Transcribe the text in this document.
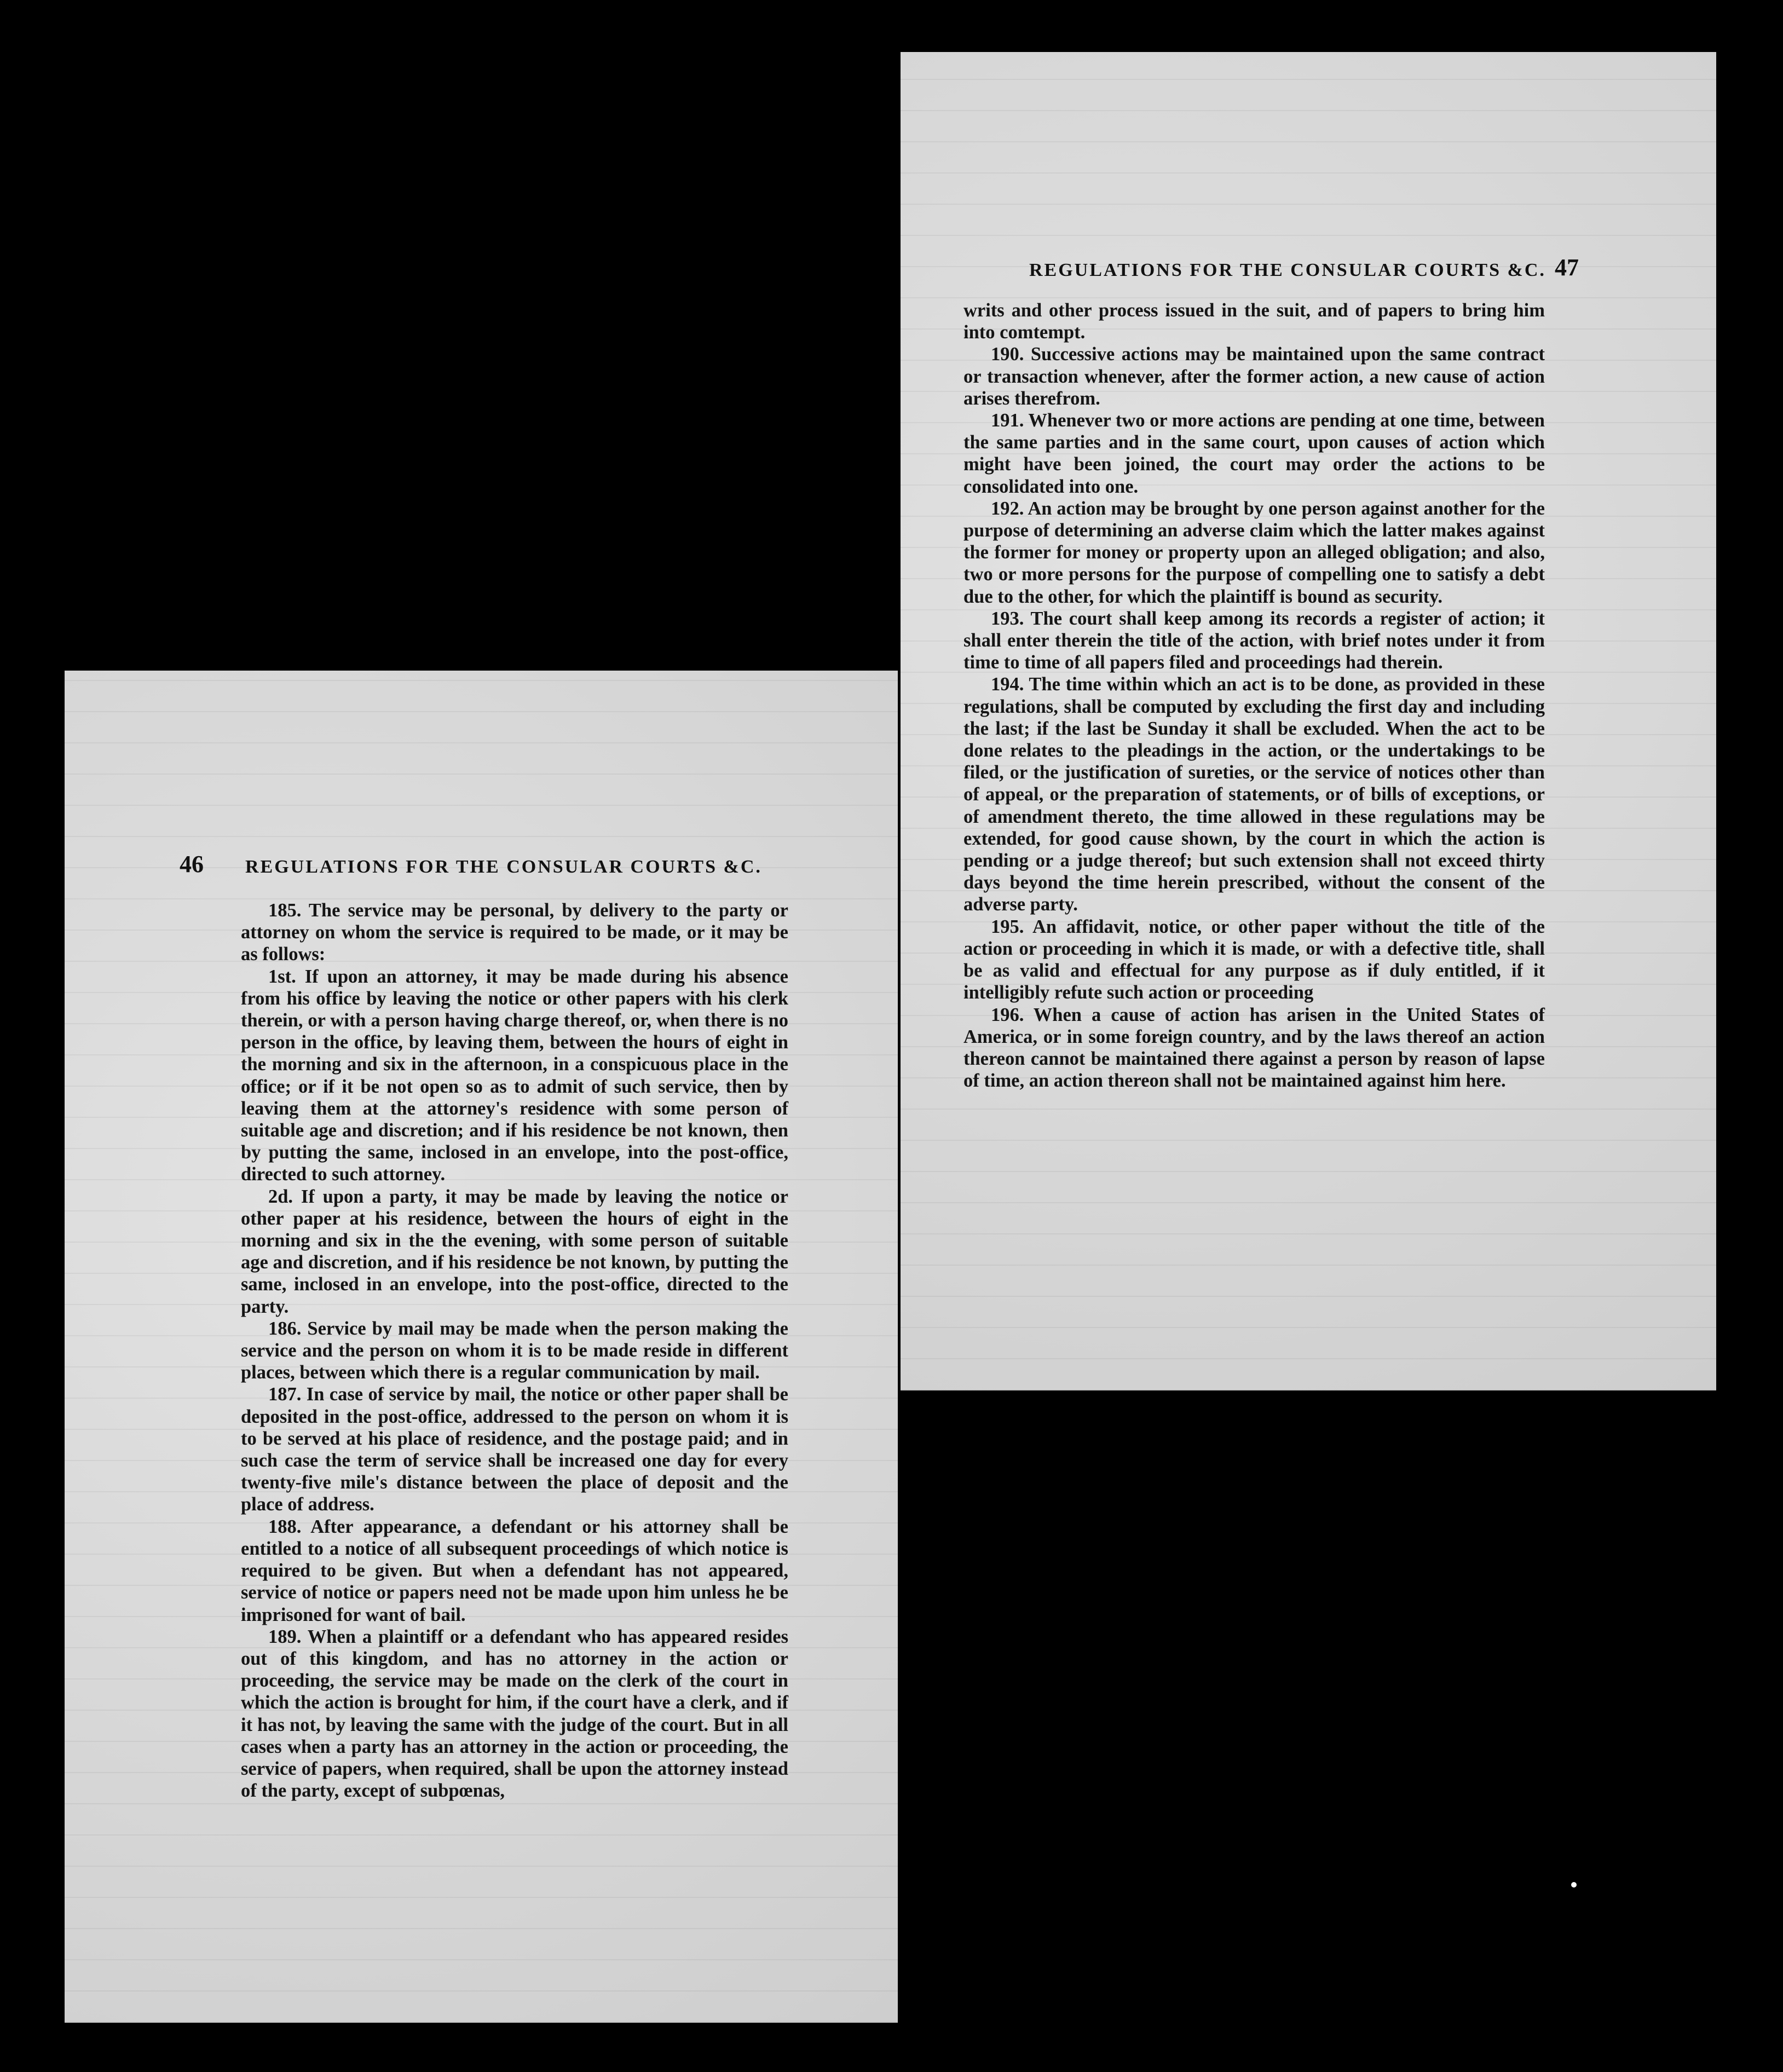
46 REGULATIONS FOR THE CONSULAR COURTS &C.

185. The service may be personal, by delivery to the party or attorney on whom the service is required to be made, or it may be as follows:

1st. If upon an attorney, it may be made during his absence from his office by leaving the notice or other papers with his clerk therein, or with a person having charge thereof, or, when there is no person in the office, by leaving them, between the hours of eight in the morning and six in the afternoon, in a conspicuous place in the office; or if it be not open so as to admit of such service, then by leaving them at the attorney's residence with some person of suitable age and discretion; and if his residence be not known, then by putting the same, inclosed in an envelope, into the post-office, directed to such attorney.

2d. If upon a party, it may be made by leaving the notice or other paper at his residence, between the hours of eight in the morning and six in the the evening, with some person of suitable age and discretion, and if his residence be not known, by putting the same, inclosed in an envelope, into the post-office, directed to the party.

186. Service by mail may be made when the person making the service and the person on whom it is to be made reside in different places, between which there is a regular communication by mail.

187. In case of service by mail, the notice or other paper shall be deposited in the post-office, addressed to the person on whom it is to be served at his place of residence, and the postage paid; and in such case the term of service shall be increased one day for every twenty-five mile's distance between the place of deposit and the place of address.

188. After appearance, a defendant or his attorney shall be entitled to a notice of all subsequent proceedings of which notice is required to be given. But when a defendant has not appeared, service of notice or papers need not be made upon him unless he be imprisoned for want of bail.

189. When a plaintiff or a defendant who has appeared resides out of this kingdom, and has no attorney in the action or proceeding, the service may be made on the clerk of the court in which the action is brought for him, if the court have a clerk, and if it has not, by leaving the same with the judge of the court. But in all cases when a party has an attorney in the action or proceeding, the service of papers, when required, shall be upon the attorney instead of the party, except of subpœnas,

REGULATIONS FOR THE CONSULAR COURTS &C. 47

writs and other process issued in the suit, and of papers to bring him into comtempt.

190. Successive actions may be maintained upon the same contract or transaction whenever, after the former action, a new cause of action arises therefrom.

191. Whenever two or more actions are pending at one time, between the same parties and in the same court, upon causes of action which might have been joined, the court may order the actions to be consolidated into one.

192. An action may be brought by one person against another for the purpose of determining an adverse claim which the latter makes against the former for money or property upon an alleged obligation; and also, two or more persons for the purpose of compelling one to satisfy a debt due to the other, for which the plaintiff is bound as security.

193. The court shall keep among its records a register of action; it shall enter therein the title of the action, with brief notes under it from time to time of all papers filed and proceedings had therein.

194. The time within which an act is to be done, as provided in these regulations, shall be computed by excluding the first day and including the last; if the last be Sunday it shall be excluded. When the act to be done relates to the pleadings in the action, or the undertakings to be filed, or the justification of sureties, or the service of notices other than of appeal, or the preparation of statements, or of bills of exceptions, or of amendment thereto, the time allowed in these regulations may be extended, for good cause shown, by the court in which the action is pending or a judge thereof; but such extension shall not exceed thirty days beyond the time herein prescribed, without the consent of the adverse party.

195. An affidavit, notice, or other paper without the title of the action or proceeding in which it is made, or with a defective title, shall be as valid and effectual for any purpose as if duly entitled, if it intelligibly refute such action or proceeding

196. When a cause of action has arisen in the United States of America, or in some foreign country, and by the laws thereof an action thereon cannot be maintained there against a person by reason of lapse of time, an action thereon shall not be maintained against him here.
